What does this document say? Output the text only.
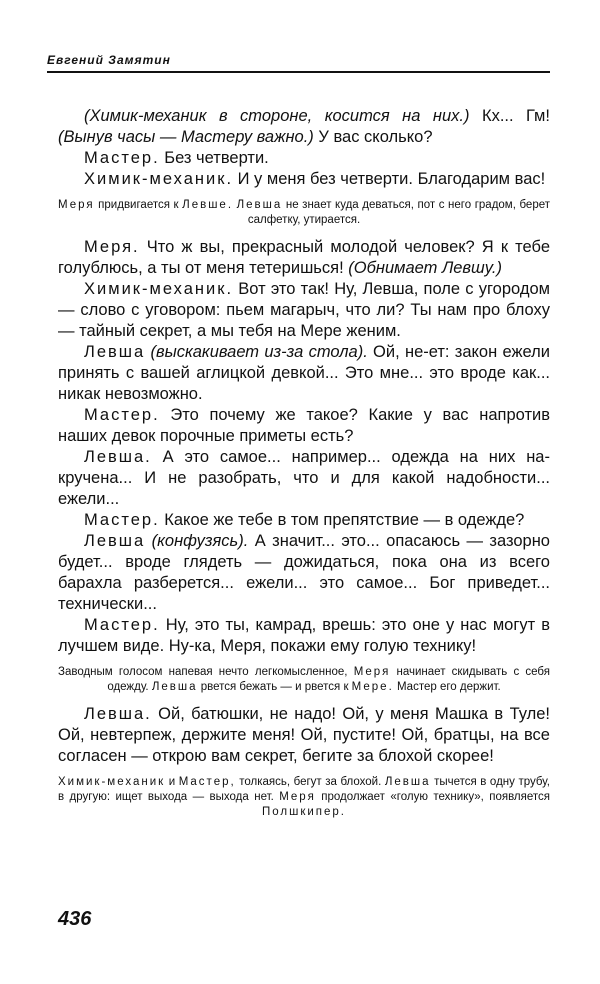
Евгений Замятин

(Химик-механик в стороне, косится на них.) Кх... Гм! (Вынув часы — Мастеру важно.) У вас сколько?

Мастер. Без четверти.

Химик-механик. И у меня без четверти. Благодарим вас!

Меря придвигается к Левше. Левша не знает куда деваться, пот с него градом, берет салфетку, утирается.

Меря. Что ж вы, прекрасный молодой человек? Я к тебе голублюсь, а ты от меня тетеришься! (Обнимает Левшу.)

Химик-механик. Вот это так! Ну, Левша, поле с угородом — слово с уговором: пьем магарыч, что ли? Ты нам про блоху — тайный секрет, а мы тебя на Мере женим.

Левша (выскакивает из-за стола). Ой, не-ет: закон ежели принять с вашей аглицкой девкой... Это мне... это вроде как... никак невозможно.

Мастер. Это почему же такое? Какие у вас напротив наших девок порочные приметы есть?

Левша. А это самое... например... одежда на них накручена... И не разобрать, что и для какой надобности... ежели...

Мастер. Какое же тебе в том препятствие — в одежде?

Левша (конфузясь). А значит... это... опасаюсь — зазорно будет... вроде глядеть — дожидаться, пока она из всего барахла разберется... ежели... это самое... Бог приведет... технически...

Мастер. Ну, это ты, камрад, врешь: это оне у нас могут в лучшем виде. Ну-ка, Меря, покажи ему голую технику!

Заводным голосом напевая нечто легкомысленное, Меря начинает скидывать с себя одежду. Левша рвется бежать — и рвется к Мере. Мастер его держит.

Левша. Ой, батюшки, не надо! Ой, у меня Машка в Туле! Ой, невтерпеж, держите меня! Ой, пустите! Ой, братцы, на все согласен — открою вам секрет, бегите за блохой скорее!

Химик-механик и Мастер, толкаясь, бегут за блохой. Левша тычется в одну трубу, в другую: ищет выхода — выхода нет. Меря продолжает «голую технику», появляется Полшкипер.

436
